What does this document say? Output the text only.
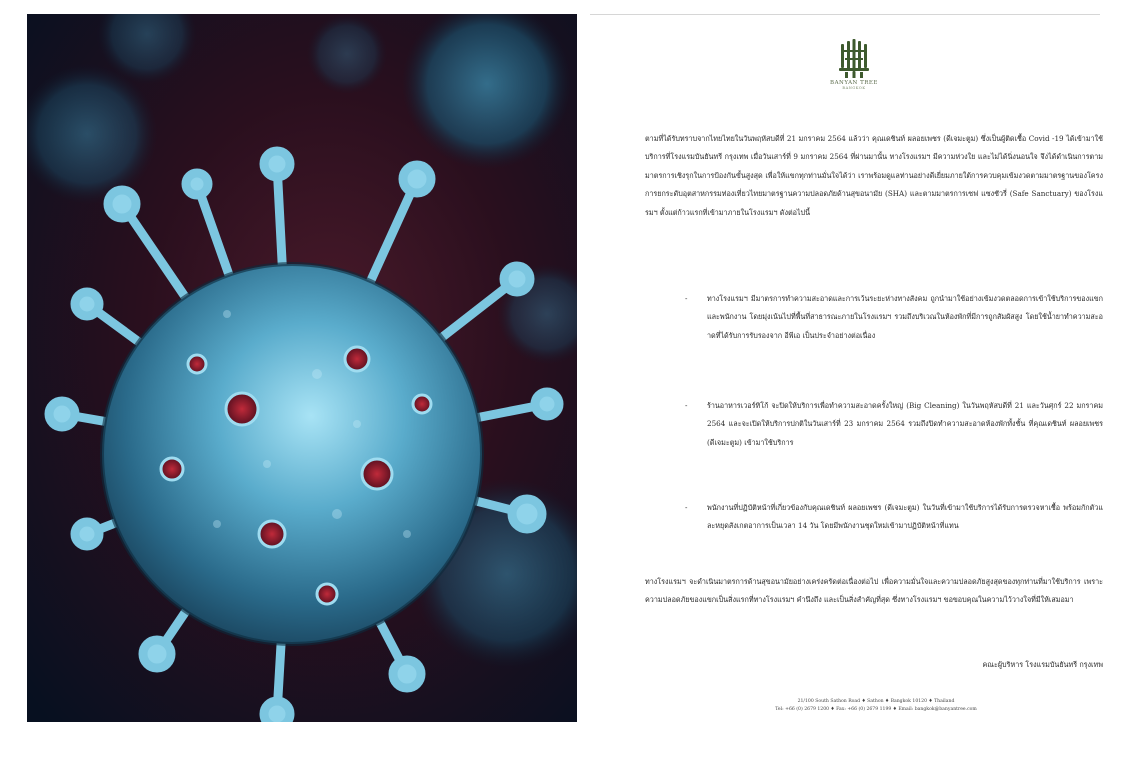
BANYAN TREE
BANGKOK

ตามที่ได้รับทราบจากไทยไทยในวันพฤหัสบดีที่ 21 มกราคม 2564 แล้วว่า คุณเดชินท์ ผลอยเพชร (ดีเจมะตูม) ซึ่งเป็นผู้ติดเชื้อ Covid -19 ได้เข้ามาใช้บริการที่โรงแรมบันยันทรี กรุงเทพ เมื่อวันเสาร์ที่ 9 มกราคม 2564 ที่ผ่านมานั้น ทางโรงแรมฯ มีความห่วงใย และไม่ได้นิ่งนอนใจ จึงได้ดำเนินการตามมาตรการเชิงรุกในการป้องกันขั้นสูงสุด เพื่อให้แขกทุกท่านมั่นใจได้ว่า เราพร้อมดูแลท่านอย่างดีเยี่ยมภายใต้การควบคุมเข้มงวดตามมาตรฐานของโครงการยกระดับอุตสาหกรรมท่องเที่ยวไทยมาตรฐานความปลอดภัยด้านสุขอนามัย (SHA) และตามมาตรการเซฟ แซงชัวรี่ (Safe Sanctuary) ของโรงแรมฯ ตั้งแต่ก้าวแรกที่เข้ามาภายในโรงแรมฯ ดังต่อไปนี้

-	ทางโรงแรมฯ มีมาตรการทำความสะอาดและการเว้นระยะห่างทางสังคม ถูกนำมาใช้อย่างเข้มงวดตลอดการเข้าใช้บริการของแขกและพนักงาน โดยมุ่งเน้นไปที่พื้นที่สาธารณะภายในโรงแรมฯ รวมถึงบริเวณในห้องพักที่มีการถูกสัมผัสสูง โดยใช้น้ำยาทำความสะอาดที่ได้รับการรับรองจาก อีพีเอ เป็นประจำอย่างต่อเนื่อง

-	ร้านอาหารเวอร์ทิโก้ จะปิดให้บริการเพื่อทำความสะอาดครั้งใหญ่ (Big Cleaning) ในวันพฤหัสบดีที่ 21 และวันศุกร์ 22 มกราคม 2564 และจะเปิดให้บริการปกติในวันเสาร์ที่ 23 มกราคม 2564 รวมถึงปิดทำความสะอาดห้องพักทั้งชั้น ที่คุณเดชินท์ ผลอยเพชร (ดีเจมะตูม) เข้ามาใช้บริการ

-	พนักงานที่ปฏิบัติหน้าที่เกี่ยวข้องกับคุณเดชินท์ ผลอยเพชร (ดีเจมะตูม) ในวันที่เข้ามาใช้บริการได้รับการตรวจหาเชื้อ พร้อมกักตัวและหยุดสังเกตอาการเป็นเวลา 14 วัน โดยมีพนักงานชุดใหม่เข้ามาปฏิบัติหน้าที่แทน

ทางโรงแรมฯ จะดำเนินมาตรการด้านสุขอนามัยอย่างเคร่งครัดต่อเนื่องต่อไป เพื่อความมั่นใจและความปลอดภัยสูงสุดของทุกท่านที่มาใช้บริการ เพราะความปลอดภัยของแขกเป็นสิ่งแรกที่ทางโรงแรมฯ คำนึงถึง และเป็นสิ่งสำคัญที่สุด ซึ่งทางโรงแรมฯ ขอขอบคุณในความไว้วางใจที่มีให้เสมอมา

คณะผู้บริหาร โรงแรมบันยันทรี กรุงเทพ
21/100 South Sathon Road ♦ Sathon ♦ Bangkok 10120 ♦ Thailand
Tel: +66 (0) 2679 1200 ♦ Fax: +66 (0) 2679 1199 ♦ Email: bangkok@banyantree.com
